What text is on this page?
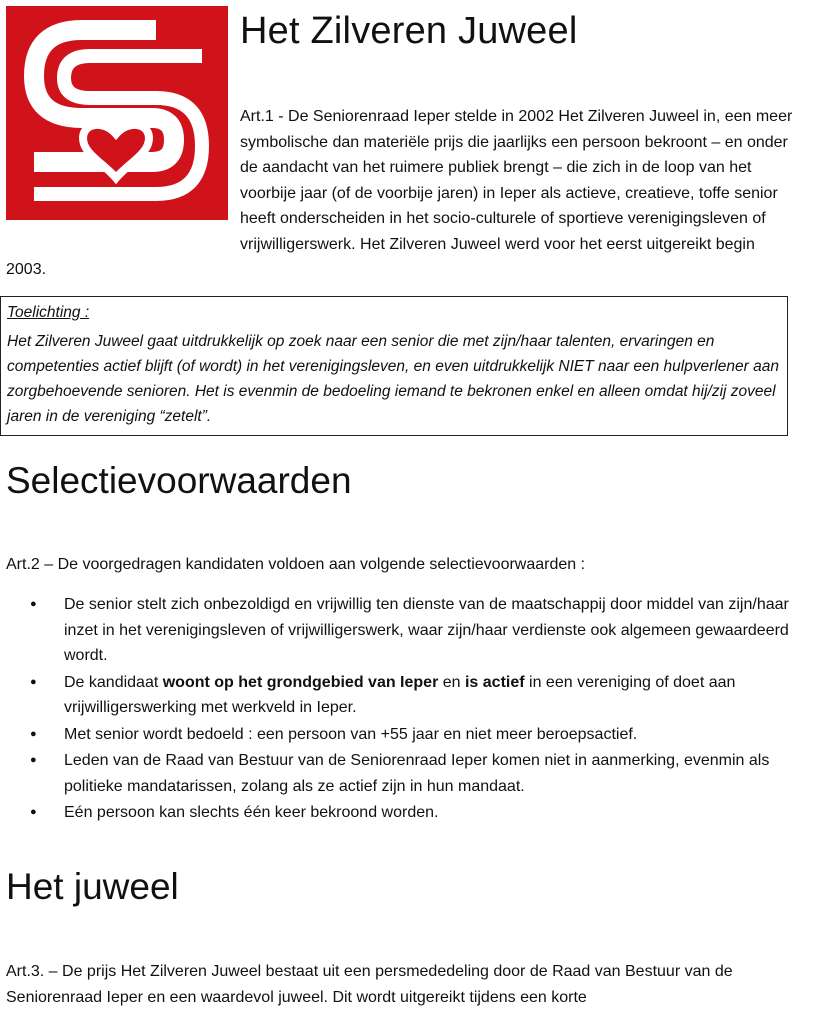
Het Zilveren Juweel

Art.1 - De Seniorenraad Ieper stelde in 2002 Het Zilveren Juweel in, een meer symbolische dan materiële prijs die jaarlijks een persoon bekroont – en onder de aandacht van het ruimere publiek brengt – die zich in de loop van het voorbije jaar (of de voorbije jaren) in Ieper als actieve, creatieve, toffe senior heeft onderscheiden in het socio-culturele of sportieve verenigingsleven of vrijwilligerswerk. Het Zilveren Juweel werd voor het eerst uitgereikt begin 2003.

Toelichting :

Het Zilveren Juweel gaat uitdrukkelijk op zoek naar een senior die met zijn/haar talenten, ervaringen en competenties actief blijft (of wordt) in het verenigingsleven, en even uitdrukkelijk NIET naar een hulpverlener aan zorgbehoevende senioren. Het is evenmin de bedoeling iemand te bekronen enkel en alleen omdat hij/zij zoveel jaren in de vereniging “zetelt”.

Selectievoorwaarden

Art.2 – De voorgedragen kandidaten voldoen aan volgende selectievoorwaarden :

● De senior stelt zich onbezoldigd en vrijwillig ten dienste van de maatschappij door middel van zijn/haar inzet in het verenigingsleven of vrijwilligerswerk, waar zijn/haar verdienste ook algemeen gewaardeerd wordt.
● De kandidaat woont op het grondgebied van Ieper en is actief in een vereniging of doet aan vrijwilligerswerking met werkveld in Ieper.
● Met senior wordt bedoeld : een persoon van +55 jaar en niet meer beroepsactief.
● Leden van de Raad van Bestuur van de Seniorenraad Ieper komen niet in aanmerking, evenmin als politieke mandatarissen, zolang als ze actief zijn in hun mandaat.
● Eén persoon kan slechts één keer bekroond worden.
Het juweel

Art.3. – De prijs Het Zilveren Juweel bestaat uit een persmededeling door de Raad van Bestuur van de Seniorenraad Ieper en een waardevol juweel. Dit wordt uitgereikt tijdens een korte
